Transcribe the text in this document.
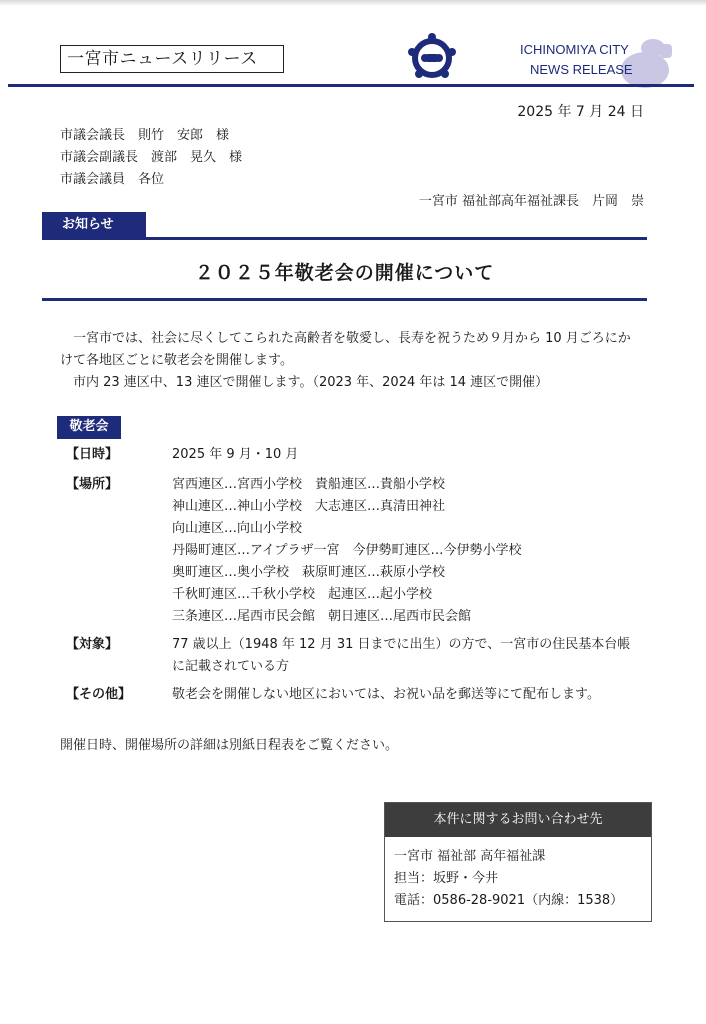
一宮市ニュースリリース	ICHINOMIYA CITY
NEWS RELEASE
2025 年 7 月 24 日
市議会議長　則竹　安郎　様
市議会副議長　渡部　晃久　様
市議会議員　各位
一宮市 福祉部高年福祉課長　片岡　崇
お知らせ
２０２５年敬老会の開催について

一宮市では、社会に尽くしてこられた高齢者を敬愛し、長寿を祝うため９月から 10 月ごろにかけて各地区ごとに敬老会を開催します。

市内 23 連区中、13 連区で開催します。（2023 年、2024 年は 14 連区で開催）

敬老会
【日時】	2025 年 9 月・10 月
【場所】	宮西連区…宮西小学校　貴船連区…貴船小学校
神山連区…神山小学校　大志連区…真清田神社
向山連区…向山小学校
丹陽町連区…アイプラザ一宮　今伊勢町連区…今伊勢小学校
奥町連区…奥小学校　萩原町連区…萩原小学校
千秋町連区…千秋小学校　起連区…起小学校
三条連区…尾西市民会館　朝日連区…尾西市民会館
【対象】	77 歳以上（1948 年 12 月 31 日までに出生）の方で、一宮市の住民基本台帳に記載されている方
【その他】	敬老会を開催しない地区においては、お祝い品を郵送等にて配布します。
開催日時、開催場所の詳細は別紙日程表をご覧ください。
本件に関するお問い合わせ先
一宮市 福祉部 高年福祉課
担当：坂野・今井
電話：0586-28-9021（内線：1538）
